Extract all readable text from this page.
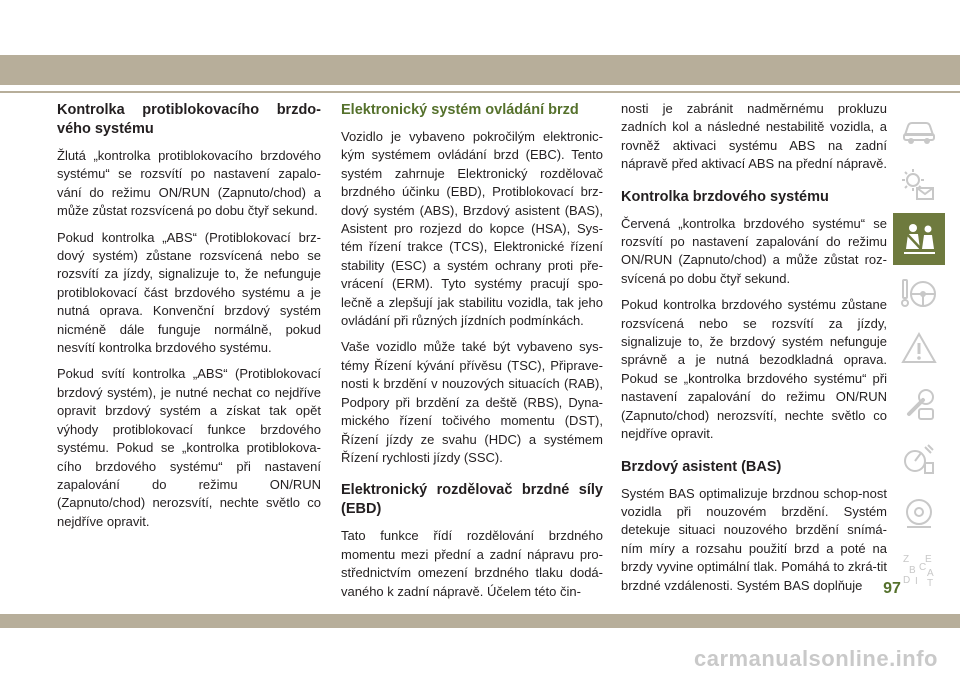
Kontrolka protiblokovacího brzdo-vého systému

Žlutá „kontrolka protiblokovacího brzdového systému“ se rozsvítí po nastavení zapalo-vání do režimu ON/RUN (Zapnuto/chod) a může zůstat rozsvícená po dobu čtyř sekund.

Pokud kontrolka „ABS“ (Protiblokovací brz-dový systém) zůstane rozsvícená nebo se rozsvítí za jízdy, signalizuje to, že nefunguje protiblokovací část brzdového systému a je nutná oprava. Konvenční brzdový systém nicméně dále funguje normálně, pokud nesvítí kontrolka brzdového systému.

Pokud svítí kontrolka „ABS“ (Protiblokovací brzdový systém), je nutné nechat co nejdříve opravit brzdový systém a získat tak opět výhody protiblokovací funkce brzdového systému. Pokud se „kontrolka protiblokova-cího brzdového systému“ při nastavení zapalování do režimu ON/RUN (Zapnuto/chod) nerozsvítí, nechte světlo co nejdříve opravit.

Elektronický systém ovládání brzd

Vozidlo je vybaveno pokročilým elektronic-kým systémem ovládání brzd (EBC). Tento systém zahrnuje Elektronický rozdělovač brzdného účinku (EBD), Protiblokovací brz-dový systém (ABS), Brzdový asistent (BAS), Asistent pro rozjezd do kopce (HSA), Sys-tém řízení trakce (TCS), Elektronické řízení stability (ESC) a systém ochrany proti pře-vrácení (ERM). Tyto systémy pracují spo-lečně a zlepšují jak stabilitu vozidla, tak jeho ovládání při různých jízdních podmínkách.

Vaše vozidlo může také být vybaveno sys-témy Řízení kývání přívěsu (TSC), Připrave-nosti k brzdění v nouzových situacích (RAB), Podpory při brzdění za deště (RBS), Dyna-mického řízení točivého momentu (DST), Řízení jízdy ze svahu (HDC) a systémem Řízení rychlosti jízdy (SSC).

Elektronický rozdělovač brzdné síly (EBD)

Tato funkce řídí rozdělování brzdného momentu mezi přední a zadní nápravu pro-střednictvím omezení brzdného tlaku dodá-vaného k zadní nápravě. Účelem této čin-

nosti je zabránit nadměrnému prokluzu zadních kol a následné nestabilitě vozidla, a rovněž aktivaci systému ABS na zadní nápravě před aktivací ABS na přední nápravě.

Kontrolka brzdového systému

Červená „kontrolka brzdového systému“ se rozsvítí po nastavení zapalování do režimu ON/RUN (Zapnuto/chod) a může zůstat roz-svícená po dobu čtyř sekund.

Pokud kontrolka brzdového systému zůstane rozsvícená nebo se rozsvítí za jízdy, signalizuje to, že brzdový systém nefunguje správně a je nutná bezodkladná oprava. Pokud se „kontrolka brzdového systému“ při nastavení zapalování do režimu ON/RUN (Zapnuto/chod) nerozsvítí, nechte světlo co nejdříve opravit.

Brzdový asistent (BAS)

Systém BAS optimalizuje brzdnou schop-nost vozidla při nouzovém brzdění. Systém detekuje situaci nouzového brzdění snímá-ním míry a rozsahu použití brzd a poté na brzdy vyvine optimální tlak. Pomáhá to zkrá-tit brzdné vzdálenosti. Systém BAS doplňuje

Z E
B C
A
D I T
97
carmanualsonline.info
